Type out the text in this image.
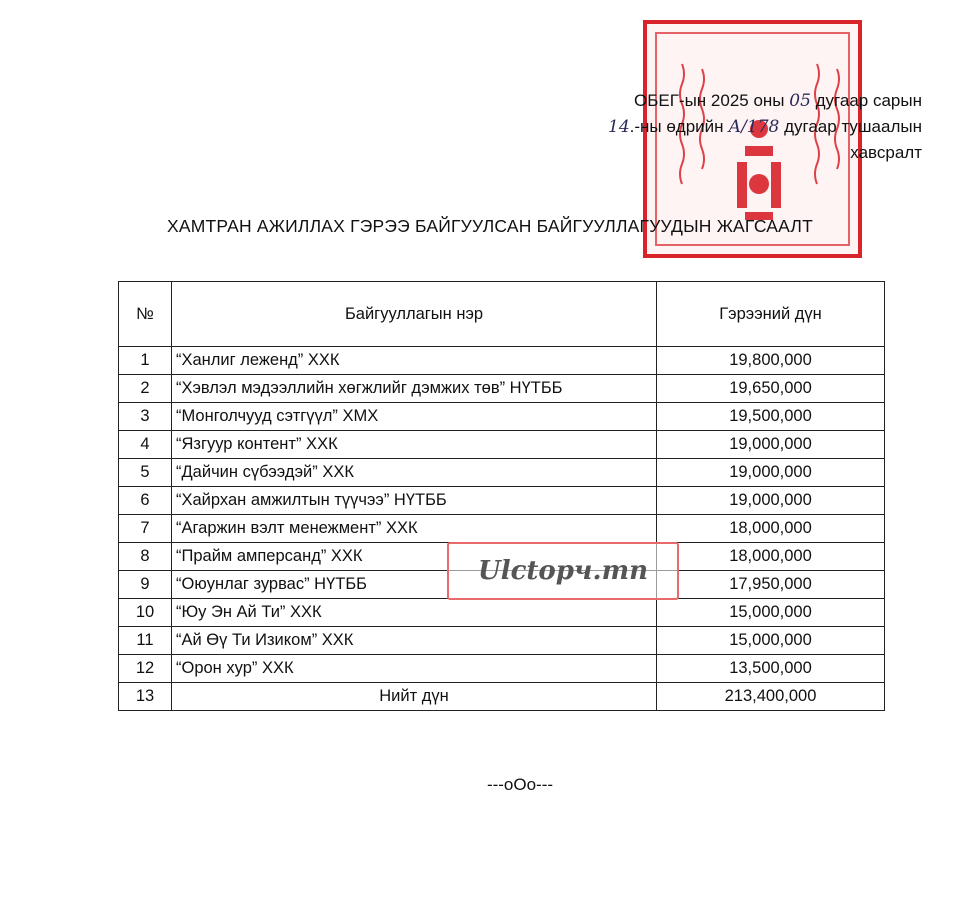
ОБЕГ-ын 2025 оны 05 дугаар сарын
14.-ны өдрийн А/178 дугаар тушаалын
хавсралт
ХАМТРАН АЖИЛЛАХ ГЭРЭЭ БАЙГУУЛСАН БАЙГУУЛЛАГУУДЫН ЖАГСААЛТ
№	Байгууллагын нэр	Гэрээний дүн
1	“Ханлиг леженд” ХХК	19,800,000
2	“Хэвлэл мэдээллийн хөгжлийг дэмжих төв” НҮТББ	19,650,000
3	“Монголчууд сэтгүүл” ХМХ	19,500,000
4	“Язгуур контент” ХХК	19,000,000
5	“Дайчин сүбээдэй” ХХК	19,000,000
6	“Хайрхан амжилтын түүчээ” НҮТББ	19,000,000
7	“Агаржин вэлт менежмент” ХХК	18,000,000
8	“Прайм амперсанд” ХХК	18,000,000
9	“Оюунлаг зурвас” НҮТББ	17,950,000
10	“Юу Эн Ай Ти” ХХК	15,000,000
11	“Ай Өү Ти Изиком” ХХК	15,000,000
12	“Орон хур” ХХК	13,500,000
13	Нийт дүн	213,400,000
Ulctopч.mn
---oOo---
